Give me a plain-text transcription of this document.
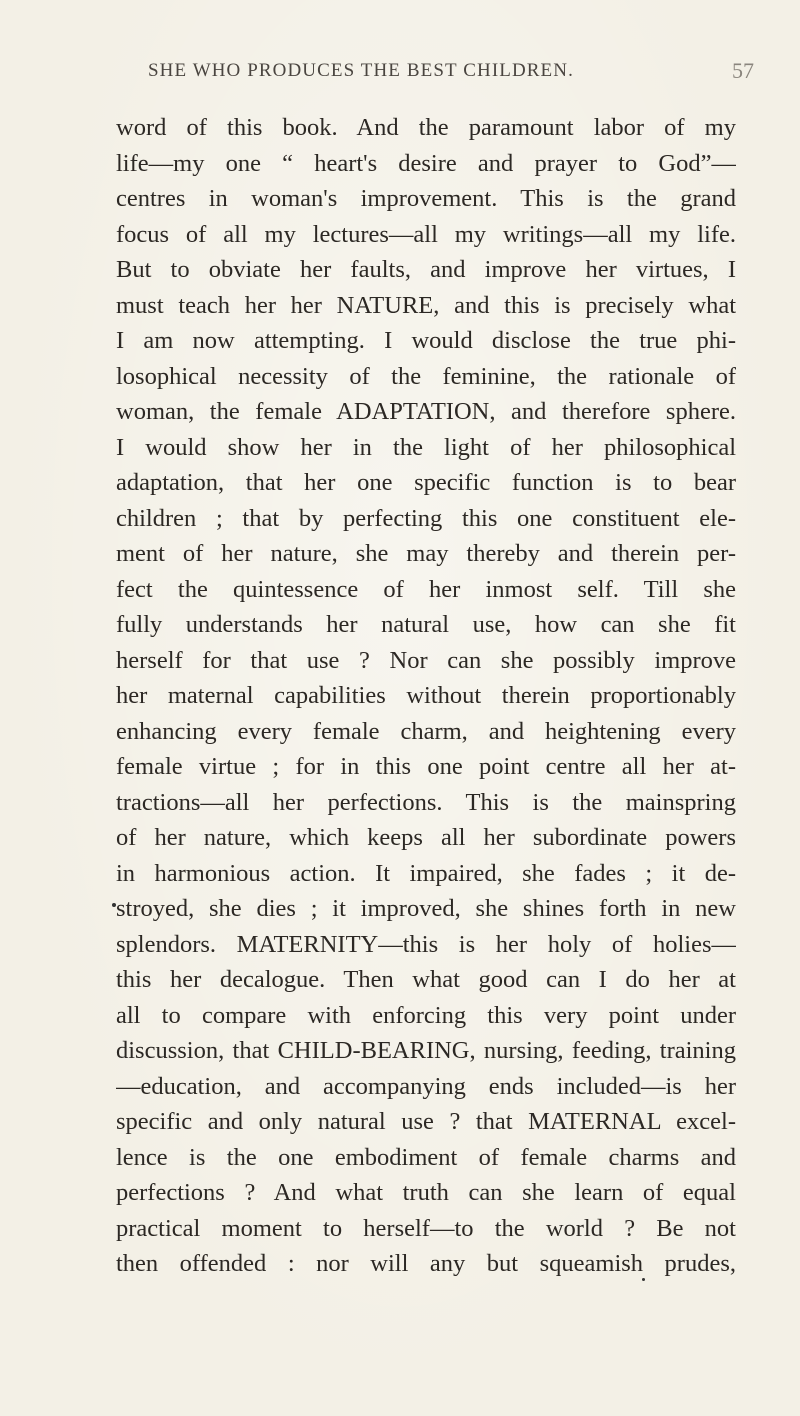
SHE WHO PRODUCES THE BEST CHILDREN.	57
word of this book. And the paramount labor of my
life—my one “ heart's desire and prayer to God”—
centres in woman's improvement. This is the grand
focus of all my lectures—all my writings—all my life.
But to obviate her faults, and improve her virtues, I
must teach her her NATURE, and this is precisely what
I am now attempting. I would disclose the true phi-
losophical necessity of the feminine, the rationale of
woman, the female ADAPTATION, and therefore sphere.
I would show her in the light of her philosophical
adaptation, that her one specific function is to bear
children ; that by perfecting this one constituent ele-
ment of her nature, she may thereby and therein per-
fect the quintessence of her inmost self. Till she
fully understands her natural use, how can she fit
herself for that use ? Nor can she possibly improve
her maternal capabilities without therein proportionably
enhancing every female charm, and heightening every
female virtue ; for in this one point centre all her at-
tractions—all her perfections. This is the mainspring
of her nature, which keeps all her subordinate powers
in harmonious action. It impaired, she fades ; it de-
stroyed, she dies ; it improved, she shines forth in new
splendors. MATERNITY—this is her holy of holies—
this her decalogue. Then what good can I do her at
all to compare with enforcing this very point under
discussion, that CHILD-BEARING, nursing, feeding, training
—education, and accompanying ends included—is her
specific and only natural use ? that MATERNAL excel-
lence is the one embodiment of female charms and
perfections ? And what truth can she learn of equal
practical moment to herself—to the world ? Be not
then offended : nor will any but squeamish prudes,
